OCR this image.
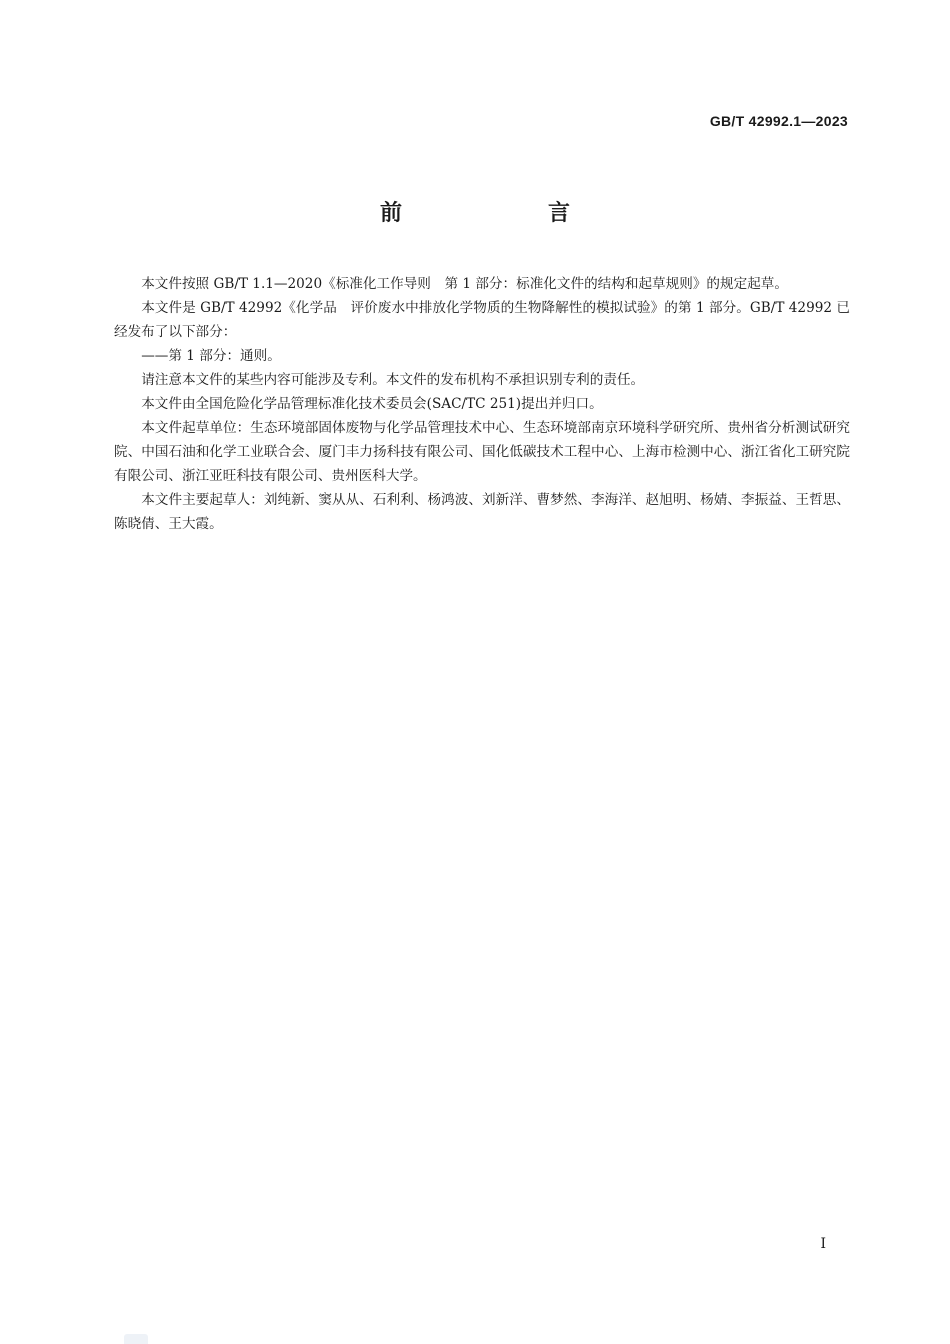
GB/T 42992.1—2023
前　言

本文件按照 GB/T 1.1—2020《标准化工作导则　第 1 部分：标准化文件的结构和起草规则》的规定起草。

本文件是 GB/T 42992《化学品　评价废水中排放化学物质的生物降解性的模拟试验》的第 1 部分。GB/T 42992 已经发布了以下部分：

——第 1 部分：通则。

请注意本文件的某些内容可能涉及专利。本文件的发布机构不承担识别专利的责任。

本文件由全国危险化学品管理标准化技术委员会(SAC/TC 251)提出并归口。

本文件起草单位：生态环境部固体废物与化学品管理技术中心、生态环境部南京环境科学研究所、贵州省分析测试研究院、中国石油和化学工业联合会、厦门丰力扬科技有限公司、国化低碳技术工程中心、上海市检测中心、浙江省化工研究院有限公司、浙江亚旺科技有限公司、贵州医科大学。

本文件主要起草人：刘纯新、窦从从、石利利、杨鸿波、刘新洋、曹梦然、李海洋、赵旭明、杨婧、李振益、王哲思、陈晓倩、王大霞。

I
